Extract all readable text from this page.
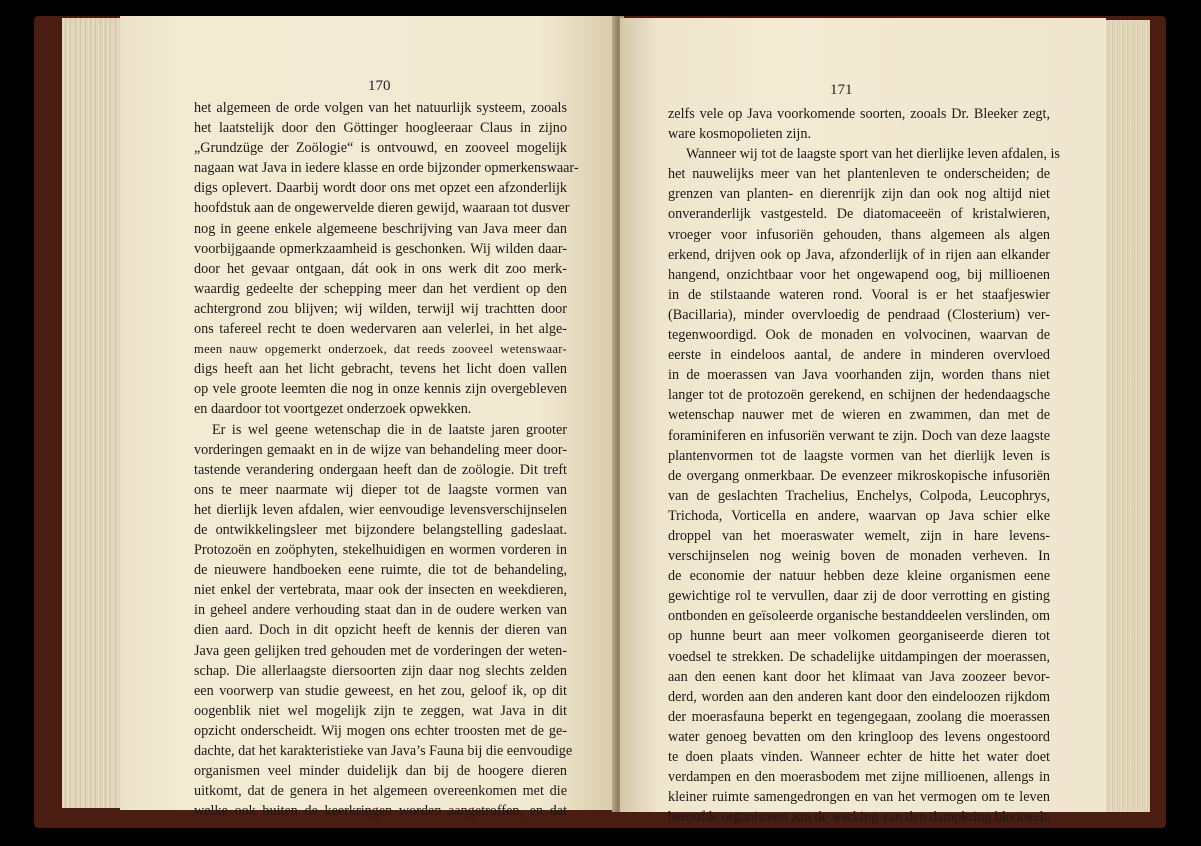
170
het algemeen de orde volgen van het natuurlijk systeem, zooals
het laatstelijk door den Göttinger hoogleeraar Claus in zijno
„Grundzüge der Zoölogie“ is ontvouwd, en zooveel mogelijk
nagaan wat Java in iedere klasse en orde bijzonder opmerkenswaar-
digs oplevert. Daarbij wordt door ons met opzet een afzonderlijk
hoofdstuk aan de ongewervelde dieren gewijd, waaraan tot dusver
nog in geene enkele algemeene beschrijving van Java meer dan
voorbijgaande opmerkzaamheid is geschonken. Wij wilden daar-
door het gevaar ontgaan, dát ook in ons werk dit zoo merk-
waardig gedeelte der schepping meer dan het verdient op den
achtergrond zou blijven; wij wilden, terwijl wij trachtten door
ons tafereel recht te doen wedervaren aan velerlei, in het alge-
meen nauw opgemerkt onderzoek, dat reeds zooveel wetenswaar-
digs heeft aan het licht gebracht, tevens het licht doen vallen
op vele groote leemten die nog in onze kennis zijn overgebleven
en daardoor tot voortgezet onderzoek opwekken.
Er is wel geene wetenschap die in de laatste jaren grooter
vorderingen gemaakt en in de wijze van behandeling meer door-
tastende verandering ondergaan heeft dan de zoölogie. Dit treft
ons te meer naarmate wij dieper tot de laagste vormen van
het dierlijk leven afdalen, wier eenvoudige levensverschijnselen
de ontwikkelingsleer met bijzondere belangstelling gadeslaat.
Protozoën en zoöphyten, stekelhuidigen en wormen vorderen in
de nieuwere handboeken eene ruimte, die tot de behandeling,
niet enkel der vertebrata, maar ook der insecten en weekdieren,
in geheel andere verhouding staat dan in de oudere werken van
dien aard. Doch in dit opzicht heeft de kennis der dieren van
Java geen gelijken tred gehouden met de vorderingen der weten-
schap. Die allerlaagste diersoorten zijn daar nog slechts zelden
een voorwerp van studie geweest, en het zou, geloof ik, op dit
oogenblik niet wel mogelijk zijn te zeggen, wat Java in dit
opzicht onderscheidt. Wij mogen ons echter troosten met de ge-
dachte, dat het karakteristieke van Java’s Fauna bij die eenvoudige
organismen veel minder duidelijk dan bij de hoogere dieren
uitkomt, dat de genera in het algemeen overeenkomen met die
welke ook buiten de keerkringen worden aangetroffen, en dat
171
zelfs vele op Java voorkomende soorten, zooals Dr. Bleeker zegt,
ware kosmopolieten zijn.
Wanneer wij tot de laagste sport van het dierlijke leven afdalen, is
het nauwelijks meer van het plantenleven te onderscheiden; de
grenzen van planten- en dierenrijk zijn dan ook nog altijd niet
onveranderlijk vastgesteld. De diatomaceeën of kristalwieren,
vroeger voor infusoriën gehouden, thans algemeen als algen
erkend, drijven ook op Java, afzonderlijk of in rijen aan elkander
hangend, onzichtbaar voor het ongewapend oog, bij millioenen
in de stilstaande wateren rond. Vooral is er het staafjeswier
(Bacillaria), minder overvloedig de pendraad (Closterium) ver-
tegenwoordigd. Ook de monaden en volvocinen, waarvan de
eerste in eindeloos aantal, de andere in minderen overvloed
in de moerassen van Java voorhanden zijn, worden thans niet
langer tot de protozoën gerekend, en schijnen der hedendaagsche
wetenschap nauwer met de wieren en zwammen, dan met de
foraminiferen en infusoriën verwant te zijn. Doch van deze laagste
plantenvormen tot de laagste vormen van het dierlijk leven is
de overgang onmerkbaar. De evenzeer mikroskopische infusoriën
van de geslachten Trachelius, Enchelys, Colpoda, Leucophrys,
Trichoda, Vorticella en andere, waarvan op Java schier elke
droppel van het moeraswater wemelt, zijn in hare levens-
verschijnselen nog weinig boven de monaden verheven. In
de economie der natuur hebben deze kleine organismen eene
gewichtige rol te vervullen, daar zij de door verrotting en gisting
ontbonden en geïsoleerde organische bestanddeelen verslinden, om
op hunne beurt aan meer volkomen georganiseerde dieren tot
voedsel te strekken. De schadelijke uitdampingen der moerassen,
aan den eenen kant door het klimaat van Java zoozeer bevor-
derd, worden aan den anderen kant door den eindeloozen rijkdom
der moerasfauna beperkt en tegengegaan, zoolang die moerassen
water genoeg bevatten om den kringloop des levens ongestoord
te doen plaats vinden. Wanneer echter de hitte het water doet
verdampen en den moerasbodem met zijne millioenen, allengs in
kleiner ruimte samengedrongen en van het vermogen om te leven
beroofde organismen aan de werking van den dampkring blootstelt,
